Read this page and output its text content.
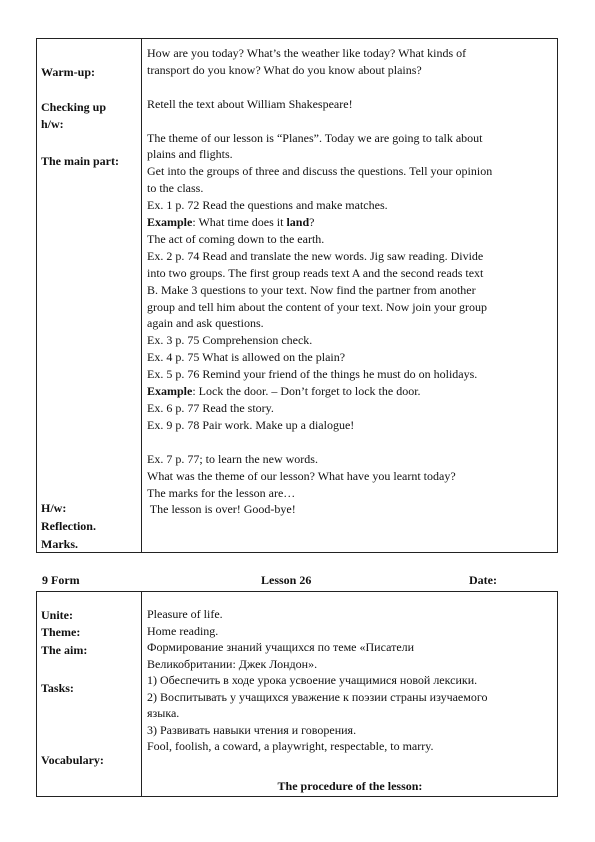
Warm-up:
Checking up
h/w:
The main part:
H/w:
Reflection.
Marks.
How are you today? What’s the weather like today? What kinds of
transport do you know? What do you know about plains?
Retell the text about William Shakespeare!
The theme of our lesson is “Planes”. Today we are going to talk about
plains and flights.
Get into the groups of three and discuss the questions. Tell your opinion
to the class.
Ex. 1 p. 72 Read the questions and make matches.
Example: What time does it land?
The act of coming down to the earth.
Ex. 2 p. 74 Read and translate the new words. Jig saw reading. Divide
into two groups. The first group reads text A and the second reads text
B. Make 3 questions to your text. Now find the partner from another
group and tell him about the content of your text. Now join your group
again and ask questions.
Ex. 3 p. 75 Comprehension check.
Ex. 4 p. 75 What is allowed on the plain?
Ex. 5 p. 76 Remind your friend of the things he must do on holidays.
Example: Lock the door. – Don’t forget to lock the door.
Ex. 6 p. 77 Read the story.
Ex. 9 p. 78 Pair work. Make up a dialogue!
Ex. 7 p. 77; to learn the new words.
What was the theme of our lesson? What have you learnt today?
The marks for the lesson are…
The lesson is over! Good-bye!
9 Form	Lesson 26	Date:
Unite:
Theme:
The aim:
Tasks:
Vocabulary:
Pleasure of life.
Home reading.
Формирование знаний учащихся по теме «Писатели
Великобритании: Джек Лондон».
1) Обеспечить в ходе урока усвоение учащимися новой лексики.
2) Воспитывать у учащихся уважение к поэзии страны изучаемого
языка.
3) Развивать навыки чтения и говорения.
Fool, foolish, a coward, a playwright, respectable, to marry.
The procedure of the lesson:
